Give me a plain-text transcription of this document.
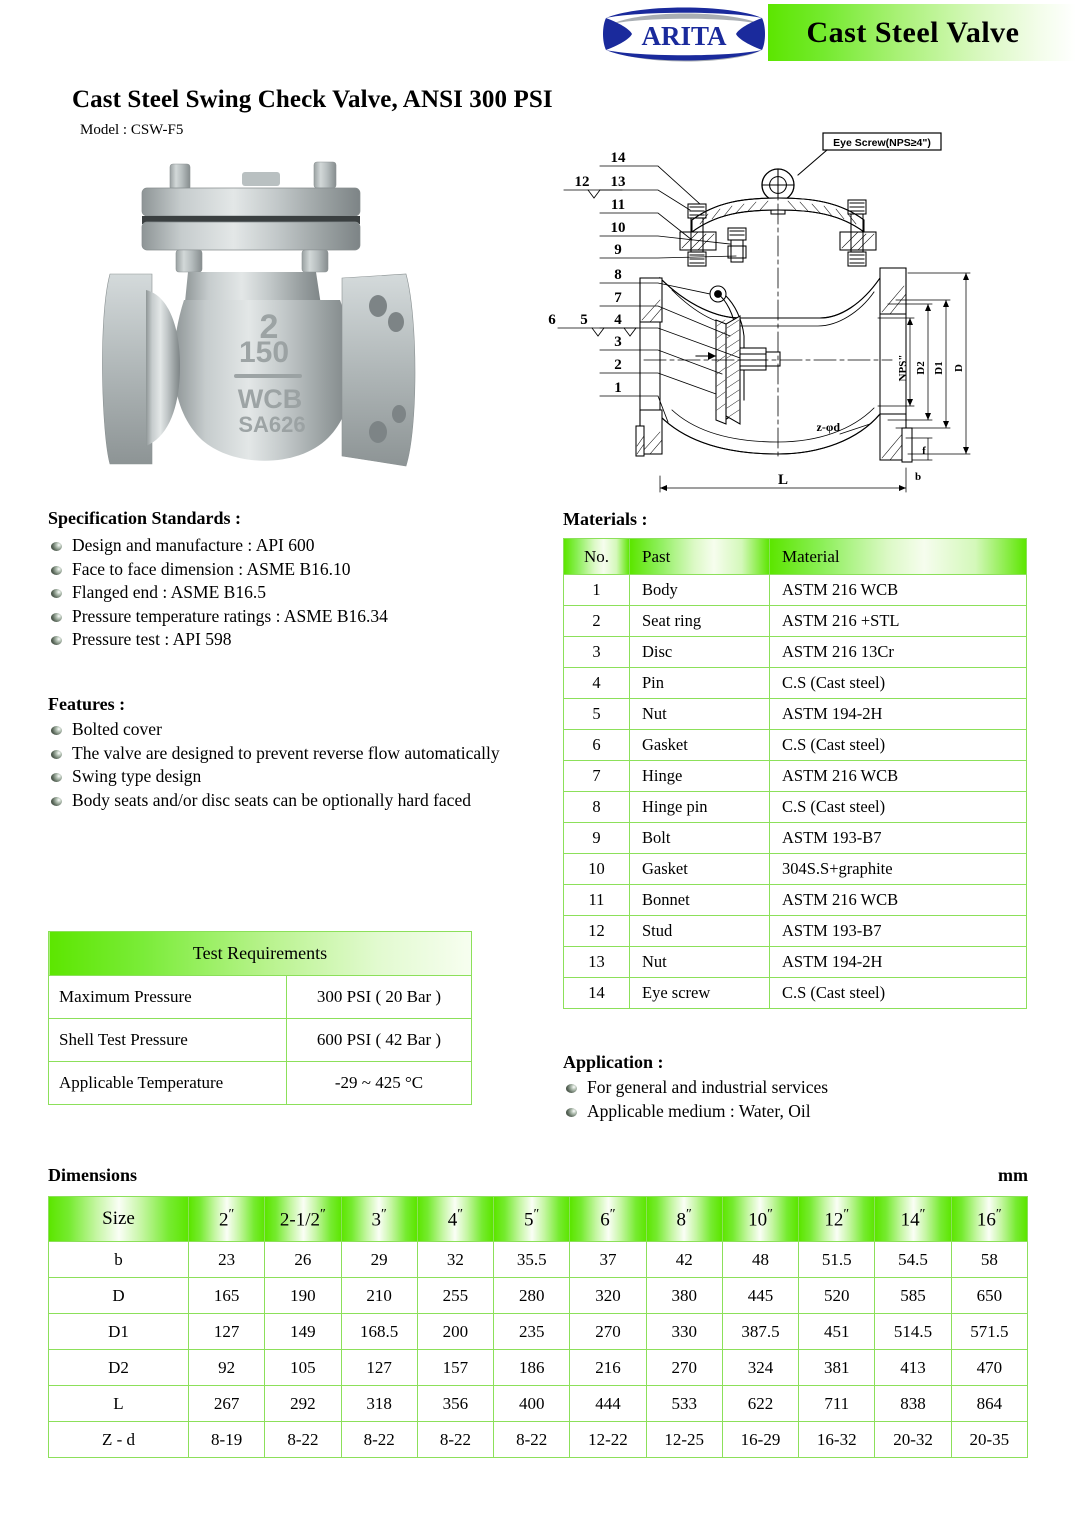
ARITA	Cast Steel Valve
Cast Steel Swing Check Valve, ANSI 300 PSI
Model : CSW-F5
2
150
WCB
SA626
Eye Screw(NPS≥4")
NPS" D2 D1 D
f
b
L
z-φd
14
13
11
10
9
8
7
4
3
2
1
12
5
6
Specification Standards :
Design and manufacture : API 600
Face to face dimension : ASME B16.10
Flanged end : ASME B16.5
Pressure temperature ratings : ASME B16.34
Pressure test : API 598
Features :
Bolted cover
The valve are designed to prevent reverse flow automatically
Swing type design
Body seats and/or disc seats can be optionally hard faced
Test Requirements	
Maximum Pressure	300 PSI ( 20 Bar )
Shell Test Pressure	600 PSI ( 42 Bar )
Applicable Temperature	-29 ~ 425 °C
Materials :
No.	Past	Material
1	Body	ASTM 216 WCB
2	Seat ring	ASTM 216 +STL
3	Disc	ASTM 216 13Cr
4	Pin	C.S (Cast steel)
5	Nut	ASTM 194-2H
6	Gasket	C.S (Cast steel)
7	Hinge	ASTM 216 WCB
8	Hinge pin	C.S (Cast steel)
9	Bolt	ASTM 193-B7
10	Gasket	304S.S+graphite
11	Bonnet	ASTM 216 WCB
12	Stud	ASTM 193-B7
13	Nut	ASTM 194-2H
14	Eye screw	C.S (Cast steel)
Application :
For general and industrial services
Applicable medium : Water, Oil
Dimensions	mm
Size	2″	2-1/2″	3″	4″	5″	6″	8″	10″	12″	14″	16″
b	23	26	29	32	35.5	37	42	48	51.5	54.5	58
D	165	190	210	255	280	320	380	445	520	585	650
D1	127	149	168.5	200	235	270	330	387.5	451	514.5	571.5
D2	92	105	127	157	186	216	270	324	381	413	470
L	267	292	318	356	400	444	533	622	711	838	864
Z - d	8-19	8-22	8-22	8-22	8-22	12-22	12-25	16-29	16-32	20-32	20-35
